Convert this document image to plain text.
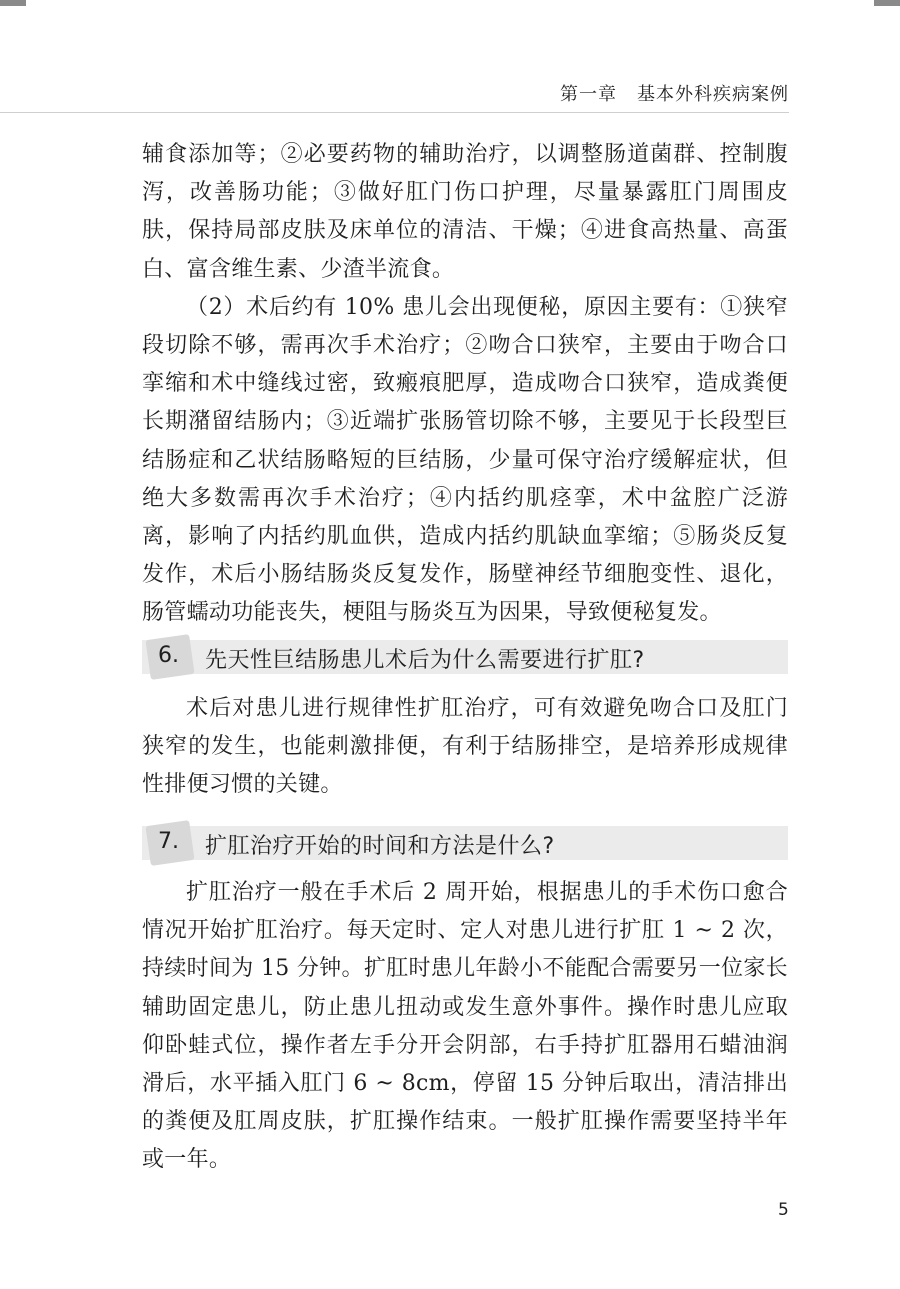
第一章 基本外科疾病案例

辅食添加等；②必要药物的辅助治疗，以调整肠道菌群、控制腹泻，改善肠功能；③做好肛门伤口护理，尽量暴露肛门周围皮肤，保持局部皮肤及床单位的清洁、干燥；④进食高热量、高蛋白、富含维生素、少渣半流食。

（2）术后约有 10% 患儿会出现便秘，原因主要有：①狭窄段切除不够，需再次手术治疗；②吻合口狭窄，主要由于吻合口挛缩和术中缝线过密，致瘢痕肥厚，造成吻合口狭窄，造成粪便长期潴留结肠内；③近端扩张肠管切除不够，主要见于长段型巨结肠症和乙状结肠略短的巨结肠，少量可保守治疗缓解症状，但绝大多数需再次手术治疗；④内括约肌痉挛，术中盆腔广泛游离，影响了内括约肌血供，造成内括约肌缺血挛缩；⑤肠炎反复发作，术后小肠结肠炎反复发作，肠壁神经节细胞变性、退化，肠管蠕动功能丧失，梗阻与肠炎互为因果，导致便秘复发。

6. 先天性巨结肠患儿术后为什么需要进行扩肛?

术后对患儿进行规律性扩肛治疗，可有效避免吻合口及肛门狭窄的发生，也能刺激排便，有利于结肠排空，是培养形成规律性排便习惯的关键。

7. 扩肛治疗开始的时间和方法是什么?

扩肛治疗一般在手术后 2 周开始，根据患儿的手术伤口愈合情况开始扩肛治疗。每天定时、定人对患儿进行扩肛 1 ~ 2 次，持续时间为 15 分钟。扩肛时患儿年龄小不能配合需要另一位家长辅助固定患儿，防止患儿扭动或发生意外事件。操作时患儿应取仰卧蛙式位，操作者左手分开会阴部，右手持扩肛器用石蜡油润滑后，水平插入肛门 6 ~ 8cm，停留 15 分钟后取出，清洁排出的粪便及肛周皮肤，扩肛操作结束。一般扩肛操作需要坚持半年或一年。

5
